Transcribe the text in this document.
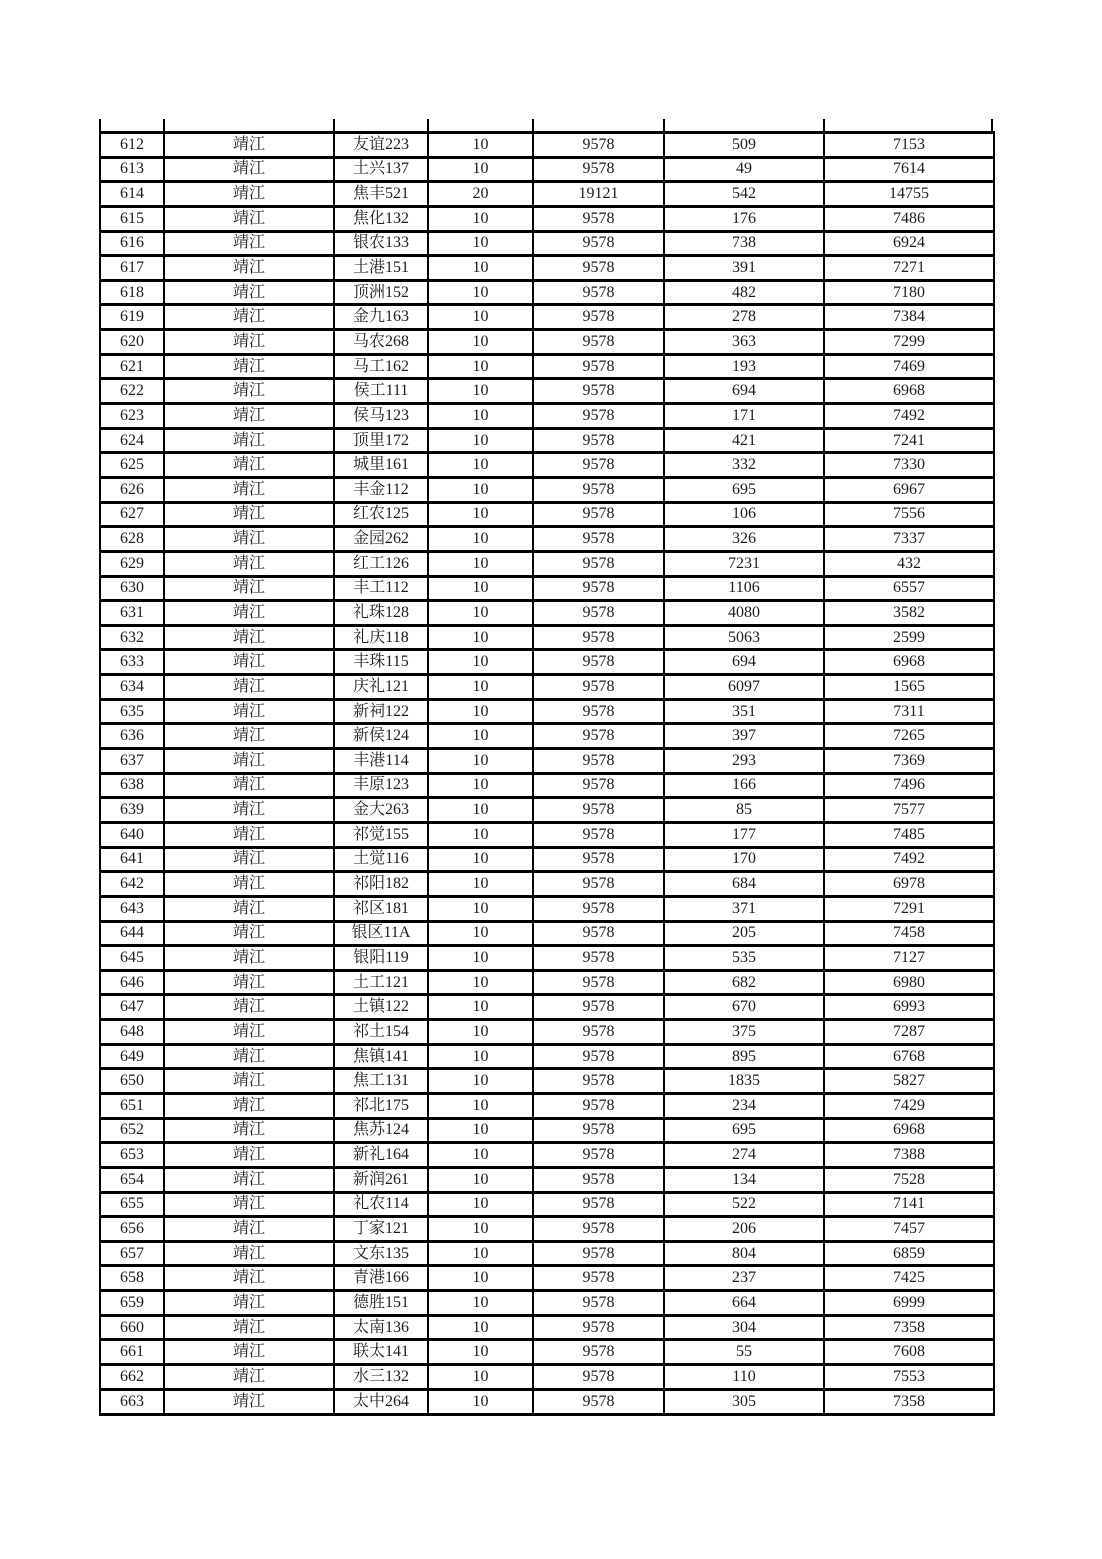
612	靖江	友谊223	10	9578	509	7153
613	靖江	土兴137	10	9578	49	7614
614	靖江	焦丰521	20	19121	542	14755
615	靖江	焦化132	10	9578	176	7486
616	靖江	银农133	10	9578	738	6924
617	靖江	土港151	10	9578	391	7271
618	靖江	顶洲152	10	9578	482	7180
619	靖江	金九163	10	9578	278	7384
620	靖江	马农268	10	9578	363	7299
621	靖江	马工162	10	9578	193	7469
622	靖江	侯工111	10	9578	694	6968
623	靖江	侯马123	10	9578	171	7492
624	靖江	顶里172	10	9578	421	7241
625	靖江	城里161	10	9578	332	7330
626	靖江	丰金112	10	9578	695	6967
627	靖江	红农125	10	9578	106	7556
628	靖江	金园262	10	9578	326	7337
629	靖江	红工126	10	9578	7231	432
630	靖江	丰工112	10	9578	1106	6557
631	靖江	礼珠128	10	9578	4080	3582
632	靖江	礼庆118	10	9578	5063	2599
633	靖江	丰珠115	10	9578	694	6968
634	靖江	庆礼121	10	9578	6097	1565
635	靖江	新祠122	10	9578	351	7311
636	靖江	新侯124	10	9578	397	7265
637	靖江	丰港114	10	9578	293	7369
638	靖江	丰原123	10	9578	166	7496
639	靖江	金大263	10	9578	85	7577
640	靖江	祁觉155	10	9578	177	7485
641	靖江	土觉116	10	9578	170	7492
642	靖江	祁阳182	10	9578	684	6978
643	靖江	祁区181	10	9578	371	7291
644	靖江	银区11A	10	9578	205	7458
645	靖江	银阳119	10	9578	535	7127
646	靖江	土工121	10	9578	682	6980
647	靖江	土镇122	10	9578	670	6993
648	靖江	祁土154	10	9578	375	7287
649	靖江	焦镇141	10	9578	895	6768
650	靖江	焦工131	10	9578	1835	5827
651	靖江	祁北175	10	9578	234	7429
652	靖江	焦苏124	10	9578	695	6968
653	靖江	新礼164	10	9578	274	7388
654	靖江	新润261	10	9578	134	7528
655	靖江	礼农114	10	9578	522	7141
656	靖江	丁家121	10	9578	206	7457
657	靖江	文东135	10	9578	804	6859
658	靖江	青港166	10	9578	237	7425
659	靖江	德胜151	10	9578	664	6999
660	靖江	太南136	10	9578	304	7358
661	靖江	联太141	10	9578	55	7608
662	靖江	水三132	10	9578	110	7553
663	靖江	太中264	10	9578	305	7358
